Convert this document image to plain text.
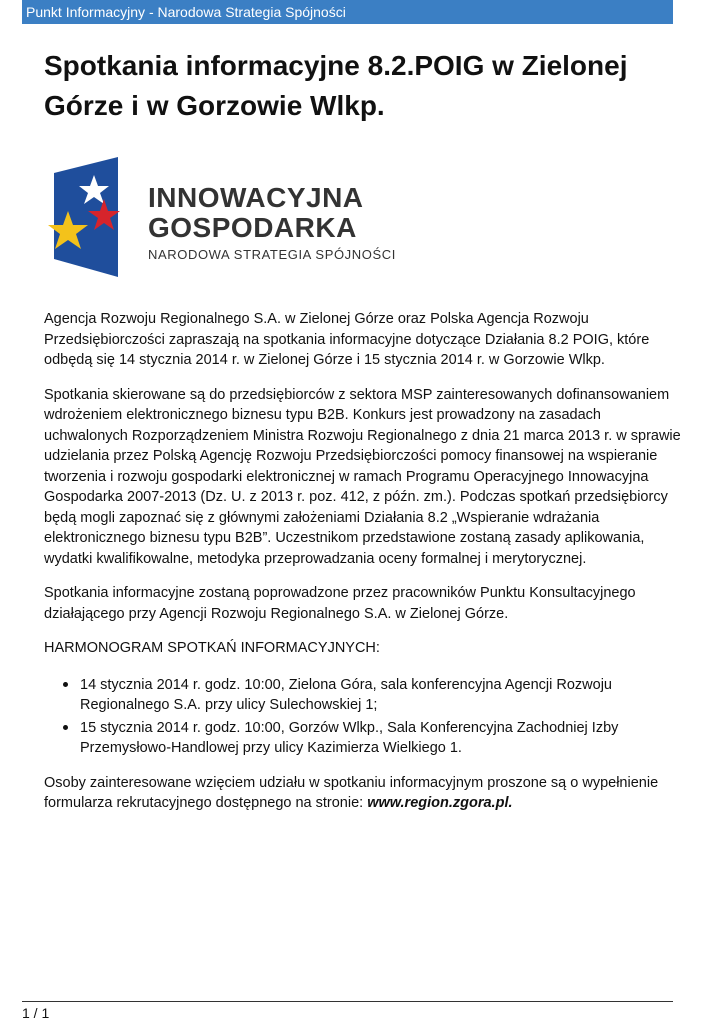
Punkt Informacyjny - Narodowa Strategia Spójności
Spotkania informacyjne 8.2.POIG w Zielonej Górze i w Gorzowie Wlkp.
INNOWACYJNA
GOSPODARKA
NARODOWA STRATEGIA SPÓJNOŚCI

Agencja Rozwoju Regionalnego S.A. w Zielonej Górze oraz Polska Agencja Rozwoju Przedsiębiorczości zapraszają na spotkania informacyjne dotyczące Działania 8.2 POIG, które odbędą się 14 stycznia 2014 r. w Zielonej Górze i 15 stycznia 2014 r. w Gorzowie Wlkp.

Spotkania skierowane są do przedsiębiorców z sektora MSP zainteresowanych dofinansowaniem wdrożeniem elektronicznego biznesu typu B2B. Konkurs jest prowadzony na zasadach uchwalonych Rozporządzeniem Ministra Rozwoju Regionalnego z dnia 21 marca 2013 r. w sprawie udzielania przez Polską Agencję Rozwoju Przedsiębiorczości pomocy finansowej na wspieranie tworzenia i rozwoju gospodarki elektronicznej w ramach Programu Operacyjnego Innowacyjna Gospodarka 2007-2013 (Dz. U. z 2013 r. poz. 412, z późn. zm.). Podczas spotkań przedsiębiorcy będą mogli zapoznać się z głównymi założeniami Działania 8.2 „Wspieranie wdrażania elektronicznego biznesu typu B2B”. Uczestnikom przedstawione zostaną zasady aplikowania, wydatki kwalifikowalne, metodyka przeprowadzania oceny formalnej i merytorycznej.

Spotkania informacyjne zostaną poprowadzone przez pracowników Punktu Konsultacyjnego działającego przy Agencji Rozwoju Regionalnego S.A. w Zielonej Górze.

HARMONOGRAM SPOTKAŃ INFORMACYJNYCH:

• 14 stycznia 2014 r. godz. 10:00, Zielona Góra, sala konferencyjna Agencji Rozwoju Regionalnego S.A. przy ulicy Sulechowskiej 1;
• 15 stycznia 2014 r. godz. 10:00, Gorzów Wlkp., Sala Konferencyjna Zachodniej Izby Przemysłowo-Handlowej przy ulicy Kazimierza Wielkiego 1.

Osoby zainteresowane wzięciem udziału w spotkaniu informacyjnym proszone są o wypełnienie formularza rekrutacyjnego dostępnego na stronie: www.region.zgora.pl.

1 / 1
